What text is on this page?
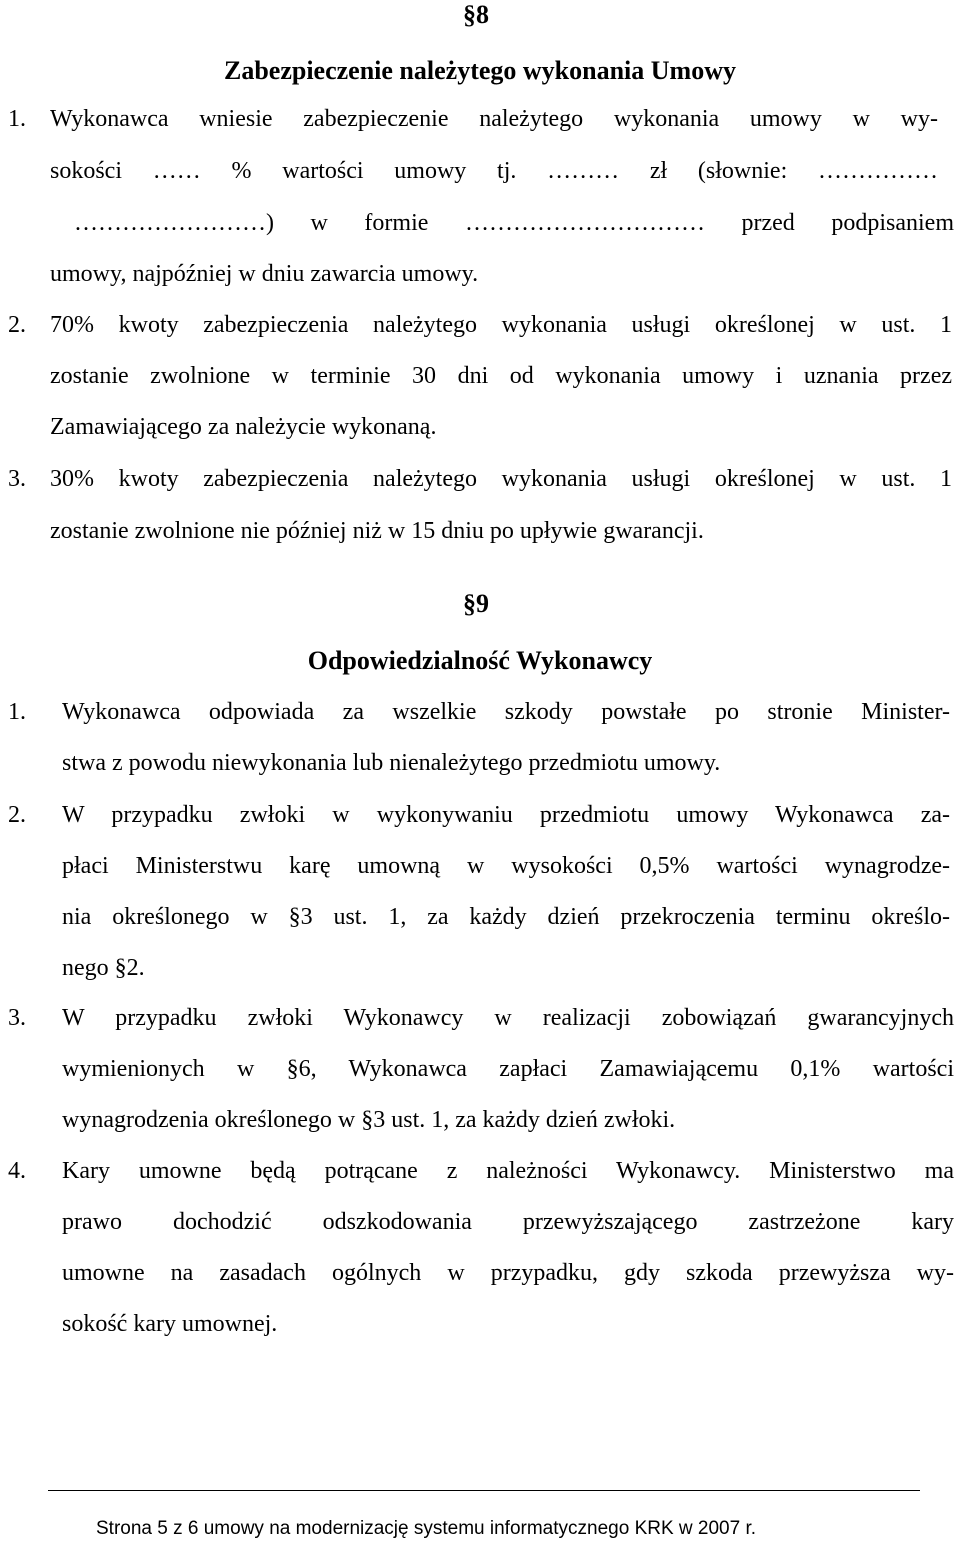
§8
Zabezpieczenie należytego wykonania Umowy
1. Wykonawca wniesie zabezpieczenie należytego wykonania umowy w wy-
sokości …… % wartości umowy tj. ……… zł (słownie: ……………
……………………) w formie ………………………… przed podpisaniem
umowy, najpóźniej w dniu zawarcia umowy.
2. 70% kwoty zabezpieczenia należytego wykonania usługi określonej w ust. 1
zostanie zwolnione w terminie 30 dni od wykonania umowy i uznania przez
Zamawiającego za należycie wykonaną.
3. 30% kwoty zabezpieczenia należytego wykonania usługi określonej w ust. 1
zostanie zwolnione nie później niż w 15 dniu po upływie gwarancji.
§9
Odpowiedzialność Wykonawcy
1. Wykonawca odpowiada za wszelkie szkody powstałe po stronie Minister-
stwa z powodu niewykonania lub nienależytego przedmiotu umowy.
2. W przypadku zwłoki w wykonywaniu przedmiotu umowy Wykonawca za-
płaci Ministerstwu karę umowną w wysokości 0,5% wartości wynagrodze-
nia określonego w §3 ust. 1, za każdy dzień przekroczenia terminu określo-
nego §2.
3. W przypadku zwłoki Wykonawcy w realizacji zobowiązań gwarancyjnych
wymienionych w §6, Wykonawca zapłaci Zamawiającemu 0,1% wartości
wynagrodzenia określonego w §3 ust. 1, za każdy dzień zwłoki.
4. Kary umowne będą potrącane z należności Wykonawcy. Ministerstwo ma
prawo dochodzić odszkodowania przewyższającego zastrzeżone kary
umowne na zasadach ogólnych w przypadku, gdy szkoda przewyższa wy-
sokość kary umownej.
Strona 5 z 6 umowy na modernizację systemu informatycznego KRK w 2007 r.
